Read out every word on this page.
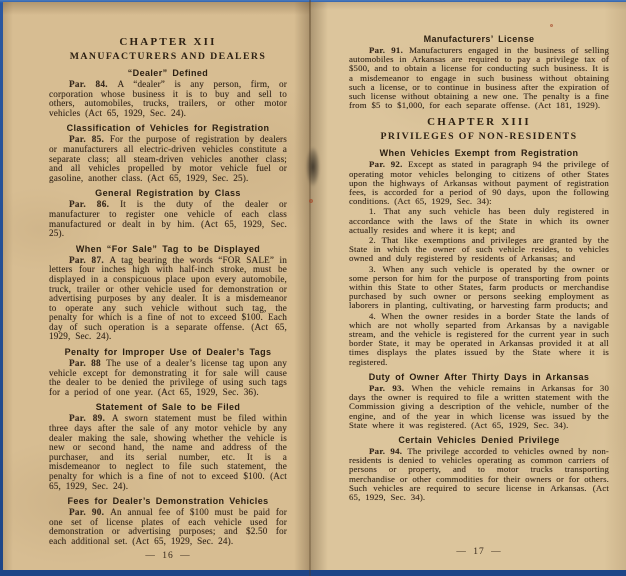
CHAPTER XII
MANUFACTURERS AND DEALERS
“Dealer” Defined
Par. 84. A “dealer” is any person, firm, or corporation whose business it is to buy and sell to others, automobiles, trucks, trailers, or other motor vehicles (Act 65, 1929, Sec. 24).
Classification of Vehicles for Registration
Par. 85. For the purpose of registration by dealers or manufacturers all electric-driven vehicles constitute a separate class; all steam-driven vehicles another class; and all vehicles propelled by motor vehicle fuel or gasoline, another class. (Act 65, 1929, Sec. 25).
General Registration by Class
Par. 86. It is the duty of the dealer or manufacturer to register one vehicle of each class manufactured or dealt in by him. (Act 65, 1929, Sec. 25).
When “For Sale” Tag to be Displayed
Par. 87. A tag bearing the words “FOR SALE” in letters four inches high with half-inch stroke, must be displayed in a conspicuous place upon every automobile, truck, trailer or other vehicle used for demonstration or advertising purposes by any dealer. It is a misdemeanor to operate any such vehicle without such tag, the penalty for which is a fine of not to exceed $100. Each day of such operation is a separate offense. (Act 65, 1929, Sec. 24).
Penalty for Improper Use of Dealer’s Tags
Par. 88 The use of a dealer’s license tag upon any vehicle except for demonstrating it for sale will cause the dealer to be denied the privilege of using such tags for a period of one year. (Act 65, 1929, Sec. 36).
Statement of Sale to be Filed
Par. 89. A sworn statement must be filed within three days after the sale of any motor vehicle by any dealer making the sale, showing whether the vehicle is new or second hand, the name and address of the purchaser, and its serial number, etc. It is a misdemeanor to neglect to file such statement, the penalty for which is a fine of not to exceed $100. (Act 65, 1929, Sec. 24).
Fees for Dealer’s Demonstration Vehicles
Par. 90. An annual fee of $100 must be paid for one set of license plates of each vehicle used for demonstration or advertising purposes; and $2.50 for each additional set. (Act 65, 1929, Sec. 24).
— 16 —
Manufacturers’ License
Par. 91. Manufacturers engaged in the business of selling automobiles in Arkansas are required to pay a privilege tax of $500, and to obtain a license for conducting such business. It is a misdemeanor to engage in such business without obtaining such a license, or to continue in business after the expiration of such license without obtaining a new one. The penalty is a fine from $5 to $1,000, for each separate offense. (Act 181, 1929).
CHAPTER XIII
PRIVILEGES OF NON-RESIDENTS
When Vehicles Exempt from Registration
Par. 92. Except as stated in paragraph 94 the privilege of operating motor vehicles belonging to citizens of other States upon the highways of Arkansas without payment of registration fees, is accorded for a period of 90 days, upon the following conditions. (Act 65, 1929, Sec. 34):
1. That any such vehicle has been duly registered in accordance with the laws of the State in which its owner actually resides and where it is kept; and
2. That like exemptions and privileges are granted by the State in which the owner of such vehicle resides, to vehicles owned and duly registered by residents of Arkansas; and
3. When any such vehicle is operated by the owner or some person for him for the purpose of transporting from points within this State to other States, farm products or merchandise purchased by such owner or persons seeking employment as laborers in planting, cultivating, or harvesting farm products; and
4. When the owner resides in a border State the lands of which are not wholly separted from Arkansas by a navigable stream, and the vehicle is registered for the current year in such border State, it may be operated in Arkansas provided it at all times displays the plates issued by the State where it is registered.
Duty of Owner After Thirty Days in Arkansas
Par. 93. When the vehicle remains in Arkansas for 30 days the owner is required to file a written statement with the Commission giving a description of the vehicle, number of the engine, and of the year in which license was issued by the State where it was registered. (Act 65, 1929, Sec. 34).
Certain Vehicles Denied Privilege
Par. 94. The privilege accorded to vehicles owned by non-residents is denied to vehicles operating as common carriers of persons or property, and to motor trucks transporting merchandise or other commodities for their owners or for others. Such vehicles are required to secure license in Arkansas. (Act 65, 1929, Sec. 34).
— 17 —
